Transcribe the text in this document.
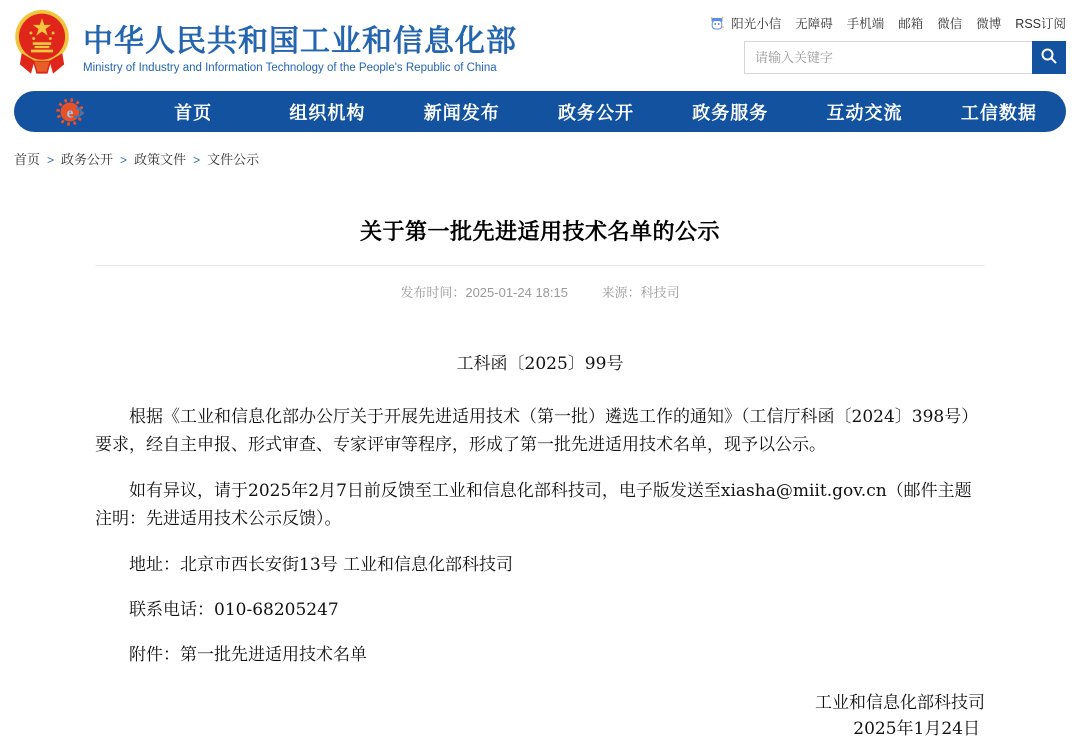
中华人民共和国工业和信息化部
Ministry of Industry and Information Technology of the People's Republic of China
阳光小信 无障碍 手机端 邮箱 微信 微博 RSS订阅
请输入关键字
e	首页	组织机构	新闻发布	政务公开	政务服务	互动交流	工信数据
首页 > 政务公开 > 政策文件 > 文件公示
关于第一批先进适用技术名单的公示
发布时间：2025-01-24 18:15	来源：科技司
工科函〔2025〕99号

根据《工业和信息化部办公厅关于开展先进适用技术（第一批）遴选工作的通知》（工信厅科函〔2024〕398号）要求，经自主申报、形式审查、专家评审等程序，形成了第一批先进适用技术名单，现予以公示。

如有异议，请于2025年2月7日前反馈至工业和信息化部科技司，电子版发送至xiasha@miit.gov.cn（邮件主题注明：先进适用技术公示反馈）。

地址：北京市西长安街13号 工业和信息化部科技司

联系电话：010-68205247

附件：第一批先进适用技术名单

工业和信息化部科技司
2025年1月24日
